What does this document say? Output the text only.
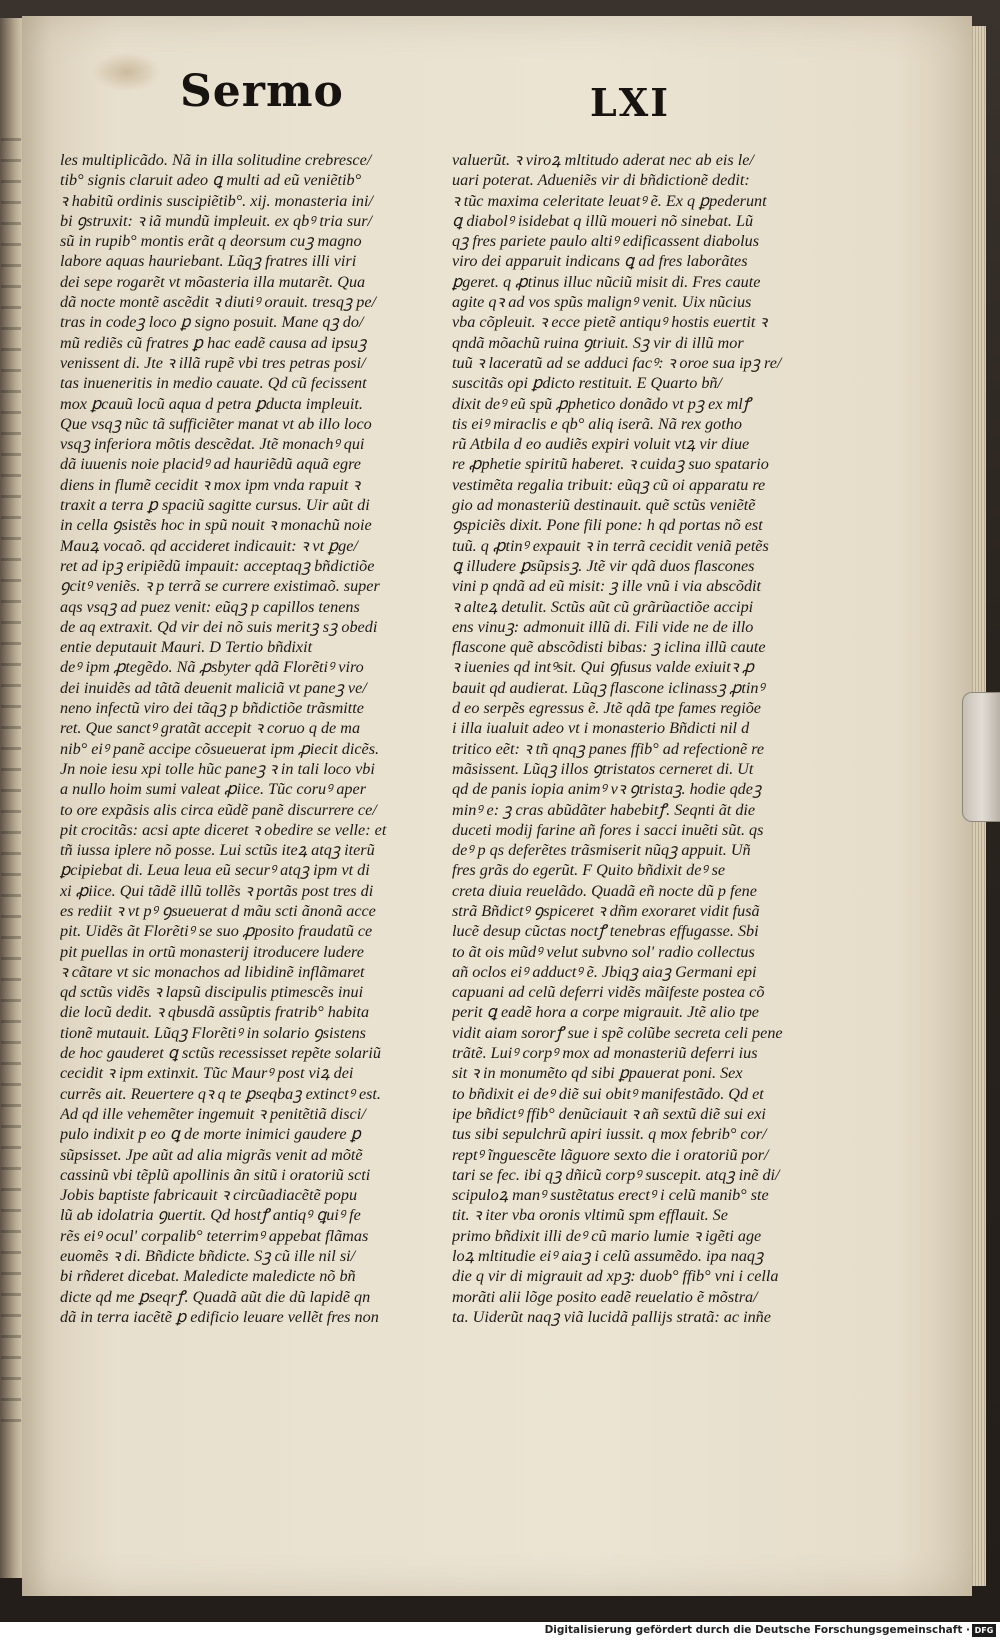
Sermo	LXI
les multiplicãdo. Nã in illa solitudine crebresce/
tib° signis claruit adeo ꝗ multi ad eũ veniẽtib°
ꝛ habitũ ordinis suscipiẽtib°. xij. monasteria ini/
bi ꝯstruxit: ꝛ iã mundũ impleuit. ex qbꝰ tria sur/
sũ in rupib° montis erãt q deorsum cuꝫ magno
labore aquas hauriebant. Lũqꝫ fratres illi viri
dei sepe rogarẽt vt mõasteria illa mutarẽt. Qua
dã nocte montẽ ascẽdit ꝛ diutiꝰ orauit. tresqꝫ pe/
tras in codeꝫ loco ꝑ signo posuit. Mane qꝫ do/
mũ rediẽs cũ fratres ꝑ hac eadẽ causa ad ipsuꝫ
venissent di. Jte ꝛ illã rupẽ vbi tres petras posi/
tas inueneritis in medio cauate. Qd cũ fecissent
mox ꝑcauũ locũ aqua d petra ꝑducta impleuit.
Que vsqꝫ nũc tã sufficiẽter manat vt ab illo loco
vsqꝫ inferiora mõtis descẽdat. Jtẽ monachꝰ qui
dã iuuenis noie placidꝰ ad hauriẽdũ aquã egre
diens in flumẽ cecidit ꝛ mox ipm vnda rapuit ꝛ
traxit a terra ꝑ spaciũ sagitte cursus. Uir aũt di
in cella ꝯsistẽs hoc in spũ nouit ꝛ monachũ noie
Mauꝝ vocaõ. qd accideret indicauit: ꝛ vt ꝑge/
ret ad ipꝫ eripiẽdũ impauit: acceptaqꝫ bñdictiõe
ꝯcitꝰ veniẽs. ꝛ p terrã se currere existimaõ. super
aqs vsqꝫ ad puez venit: eũqꝫ p capillos tenens
de aq extraxit. Qd vir dei nõ suis meritꝫ sꝫ obedi
entie deputauit Mauri. D Tertio bñdixit
deꝰ ipm ꝓtegẽdo. Nã ꝓsbyter qdã Florẽtiꝰ viro
dei inuidẽs ad tãtã deuenit maliciã vt paneꝫ ve/
neno infectũ viro dei tãqꝫ p bñdictiõe trãsmitte
ret. Que sanctꝰ gratãt accepit ꝛ coruo q de ma
nib° eiꝰ panẽ accipe cõsueuerat ipm ꝓiecit dicẽs.
Jn noie iesu xpi tolle hũc paneꝫ ꝛ in tali loco vbi
a nullo hoim sumi valeat ꝓiice. Tũc coruꝰ aper
to ore expãsis alis circa eũdẽ panẽ discurrere ce/
pit crocitãs: acsi apte diceret ꝛ obedire se velle: et
tñ iussa iplere nõ posse. Lui sctũs iteꝝ atqꝫ iterũ
ꝑcipiebat di. Leua leua eũ securꝰ atqꝫ ipm vt di
xi ꝓiice. Qui tãdẽ illũ tollẽs ꝛ portãs post tres di
es rediit ꝛ vt pꝰ ꝯsueuerat d mãu scti ãnonã acce
pit. Uidẽs ãt Florẽtiꝰ se suo ꝓposito fraudatũ ce
pit puellas in ortũ monasterij itroducere ludere
ꝛ cãtare vt sic monachos ad libidinẽ inflãmaret
qd sctũs vidẽs ꝛ lapsũ discipulis ptimescẽs inui
die locũ dedit. ꝛ qbusdã assũptis fratrib° habita
tionẽ mutauit. Lũqꝫ Florẽtiꝰ in solario ꝯsistens
de hoc gauderet ꝗ sctũs recessisset repẽte solariũ
cecidit ꝛ ipm extinxit. Tũc Maurꝰ post viꝝ dei
currẽs ait. Reuertere qꝛ q te ꝑseqbaꝫ extinctꝰ est.
Ad qd ille vehemẽter ingemuit ꝛ penitẽtiã disci/
pulo indixit p eo ꝗ de morte inimici gaudere ꝑ
sũpsisset. Jpe aũt ad alia migrãs venit ad mõtẽ
cassinũ vbi tẽplũ apollinis ãn sitũ i oratoriũ scti
Jobis baptiste fabricauit ꝛ circũadiacẽtẽ popu
lũ ab idolatria ꝯuertit. Qd hostꝭ antiqꝰ ꝗuiꝰ fe
rẽs eiꝰ ocul' corpalib° teterrimꝰ appebat flãmas
euomẽs ꝛ di. Bñdicte bñdicte. Sꝫ cũ ille nil si/
bi rñderet dicebat. Maledicte maledicte nõ bñ
dicte qd me ꝑseqrꝭ. Quadã aũt die dũ lapidẽ qn
dã in terra iacẽtẽ ꝑ edificio leuare vellẽt fres non
valuerũt. ꝛ viroꝝ mltitudo aderat nec ab eis le/
uari poterat. Adueniẽs vir di bñdictionẽ dedit:
ꝛ tũc maxima celeritate leuatꝰ ẽ. Ex q ꝑpederunt
ꝗ diabolꝰ isidebat q illũ moueri nõ sinebat. Lũ
qꝫ fres pariete paulo altiꝰ edificassent diabolus
viro dei apparuit indicans ꝗ ad fres laborãtes
ꝑgeret. q ꝓtinus illuc nũciũ misit di. Fres caute
agite qꝛ ad vos spũs malignꝰ venit. Uix nũcius
vba cõpleuit. ꝛ ecce pietẽ antiquꝰ hostis euertit ꝛ
qndã mõachũ ruina ꝯtriuit. Sꝫ vir di illũ mor
tuũ ꝛ laceratũ ad se adduci facꝰ: ꝛ oroe sua ipꝫ re/
suscitãs opi ꝑdicto restituit. E Quarto bñ/
dixit deꝰ eũ spũ ꝓphetico donãdo vt pꝫ ex mlꝭ
tis eiꝰ miraclis e qb° aliq iserã. Nã rex gotho
rũ Atbila d eo audiẽs expiri voluit vtꝝ vir diue
re ꝓphetie spiritũ haberet. ꝛ cuidaꝫ suo spatario
vestimẽta regalia tribuit: eũqꝫ cũ oi apparatu re
gio ad monasteriũ destinauit. quẽ sctũs veniẽtẽ
ꝯspiciẽs dixit. Pone fili pone: h qd portas nõ est
tuũ. q ꝓtinꝰ expauit ꝛ in terrã cecidit veniã petẽs
ꝗ illudere ꝑsũpsisꝫ. Jtẽ vir qdã duos flascones
vini p qndã ad eũ misit: ꝫ ille vnũ i via abscõdit
ꝛ alteꝝ detulit. Sctũs aũt cũ grãrũactiõe accipi
ens vinuꝫ: admonuit illũ di. Fili vide ne de illo
flascone quẽ abscõdisti bibas: ꝫ iclina illũ caute
ꝛ iuenies qd intꝰsit. Qui ꝯfusus valde exiuitꝛ ꝓ
bauit qd audierat. Lũqꝫ flascone iclinassꝫ ꝓtinꝰ
d eo serpẽs egressus ẽ. Jtẽ qdã tpe fames regiõe
i illa iualuit adeo vt i monasterio Bñdicti nil d
tritico eẽt: ꝛ tñ qnqꝫ panes ffib° ad refectionẽ re
mãsissent. Lũqꝫ illos ꝯtristatos cerneret di. Ut
qd de panis iopia animꝰ vꝛ ꝯtristaꝫ. hodie qdeꝫ
minꝰ e: ꝫ cras abũdãter habebitꝭ. Seqnti ãt die
duceti modij farine añ fores i sacci inuẽti sũt. qs
deꝰ p qs deferẽtes trãsmiserit nũqꝫ appuit. Uñ
fres grãs do egerũt. F Quito bñdixit deꝰ se
creta diuia reuelãdo. Quadã eñ nocte dũ p fene
strã Bñdictꝰ ꝯspiceret ꝛ dñm exoraret vidit fusã
lucẽ desup cũctas noctꝭ tenebras effugasse. Sbi
to ãt ois mũdꝰ velut subvno sol' radio collectus
añ oclos eiꝰ adductꝰ ẽ. Jbiqꝫ aiaꝫ Germani epi
capuani ad celũ deferri vidẽs mãifeste postea cõ
perit ꝗ eadẽ hora a corpe migrauit. Jtẽ alio tpe
vidit aiam sororꝭ sue i spẽ colũbe secreta celi pene
trãtẽ. Luiꝰ corpꝰ mox ad monasteriũ deferri ius
sit ꝛ in monumẽto qd sibi ꝑpauerat poni. Sex
to bñdixit ei deꝰ diẽ sui obitꝰ manifestãdo. Qd et
ipe bñdictꝰ ffib° denũciauit ꝛ añ sextũ diẽ sui exi
tus sibi sepulchrũ apiri iussit. q mox febrib° cor/
reptꝰ ĩnguescẽte lãguore sexto die i oratoriũ por/
tari se fec. ibi qꝫ dñicũ corpꝰ suscepit. atqꝫ inẽ di/
scipuloꝝ manꝰ sustẽtatus erectꝰ i celũ manib° ste
tit. ꝛ iter vba oronis vltimũ spm efflauit. Se
primo bñdixit illi deꝰ cũ mario lumie ꝛ igẽti age
loꝝ mltitudie eiꝰ aiaꝫ i celũ assumẽdo. ipa naqꝫ
die q vir di migrauit ad xpꝫ: duob° ffib° vni i cella
morãti alii lõge posito eadẽ reuelatio ẽ mõstra/
ta. Uiderũt naqꝫ viã lucidã pallijs stratã: ac inñe
Digitalisierung gefördert durch die Deutsche Forschungsgemeinschaft · DFG
